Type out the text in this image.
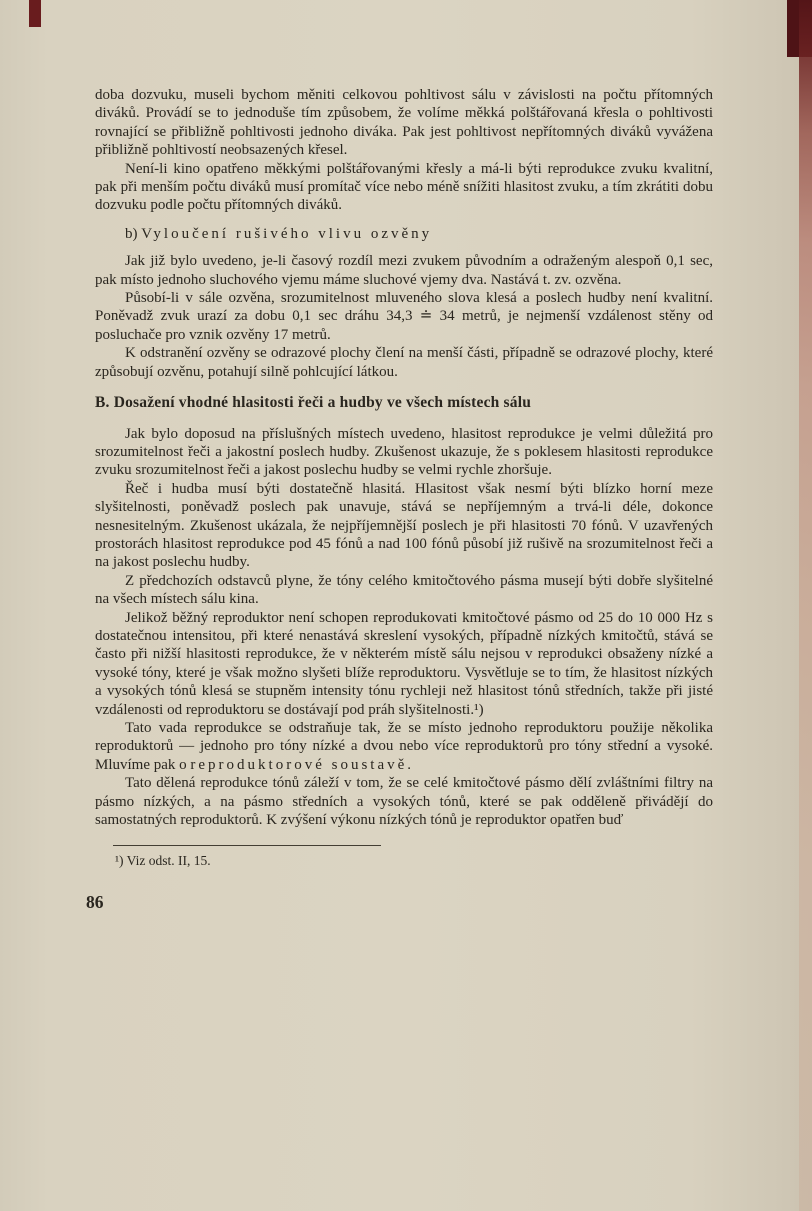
doba dozvuku, museli bychom měniti celkovou pohltivost sálu v závislosti na počtu přítomných diváků. Provádí se to jednoduše tím způsobem, že volíme měkká polštářovaná křesla o pohltivosti rovnající se přibližně pohltivosti jednoho diváka. Pak jest pohltivost nepřítomných diváků vyvážena přibližně pohltivostí neobsazených křesel.

Není-li kino opatřeno měkkými polštářovanými křesly a má-li býti reprodukce zvuku kvalitní, pak při menším počtu diváků musí promítač více nebo méně snížiti hlasitost zvuku, a tím zkrátiti dobu dozvuku podle počtu přítomných diváků.

b) Vyloučení rušivého vlivu ozvěny

Jak již bylo uvedeno, je-li časový rozdíl mezi zvukem původním a odraženým alespoň 0,1 sec, pak místo jednoho sluchového vjemu máme sluchové vjemy dva. Nastává t. zv. ozvěna.

Působí-li v sále ozvěna, srozumitelnost mluveného slova klesá a poslech hudby není kvalitní. Poněvadž zvuk urazí za dobu 0,1 sec dráhu 34,3 ≐ 34 metrů, je nejmenší vzdálenost stěny od posluchače pro vznik ozvěny 17 metrů.

K odstranění ozvěny se odrazové plochy člení na menší části, případně se odrazové plochy, které způsobují ozvěnu, potahují silně pohlcující látkou.

B. Dosažení vhodné hlasitosti řeči a hudby ve všech místech sálu

Jak bylo doposud na příslušných místech uvedeno, hlasitost reprodukce je velmi důležitá pro srozumitelnost řeči a jakostní poslech hudby. Zkušenost ukazuje, že s poklesem hlasitosti reprodukce zvuku srozumitelnost řeči a jakost poslechu hudby se velmi rychle zhoršuje.

Řeč i hudba musí býti dostatečně hlasitá. Hlasitost však nesmí býti blízko horní meze slyšitelnosti, poněvadž poslech pak unavuje, stává se nepříjemným a trvá-li déle, dokonce nesnesitelným. Zkušenost ukázala, že nejpříjemnější poslech je při hlasitosti 70 fónů. V uzavřených prostorách hlasitost reprodukce pod 45 fónů a nad 100 fónů působí již rušivě na srozumitelnost řeči a na jakost poslechu hudby.

Z předchozích odstavců plyne, že tóny celého kmitočtového pásma musejí býti dobře slyšitelné na všech místech sálu kina.

Jelikož běžný reproduktor není schopen reprodukovati kmitočtové pásmo od 25 do 10 000 Hz s dostatečnou intensitou, při které nenastává skreslení vysokých, případně nízkých kmitočtů, stává se často při nižší hlasitosti reprodukce, že v některém místě sálu nejsou v reprodukci obsaženy nízké a vysoké tóny, které je však možno slyšeti blíže reproduktoru. Vysvětluje se to tím, že hlasitost nízkých a vysokých tónů klesá se stupněm intensity tónu rychleji než hlasitost tónů středních, takže při jisté vzdálenosti od reproduktoru se dostávají pod práh slyšitelnosti.¹)

Tato vada reprodukce se odstraňuje tak, že se místo jednoho reproduktoru použije několika reproduktorů — jednoho pro tóny nízké a dvou nebo více reproduktorů pro tóny střední a vysoké. Mluvíme pak o reproduktorové soustavě.

Tato dělená reprodukce tónů záleží v tom, že se celé kmitočtové pásmo dělí zvláštními filtry na pásmo nízkých, a na pásmo středních a vysokých tónů, které se pak odděleně přivádějí do samostatných reproduktorů. K zvýšení výkonu nízkých tónů je reproduktor opatřen buď

¹) Viz odst. II, 15.
86
